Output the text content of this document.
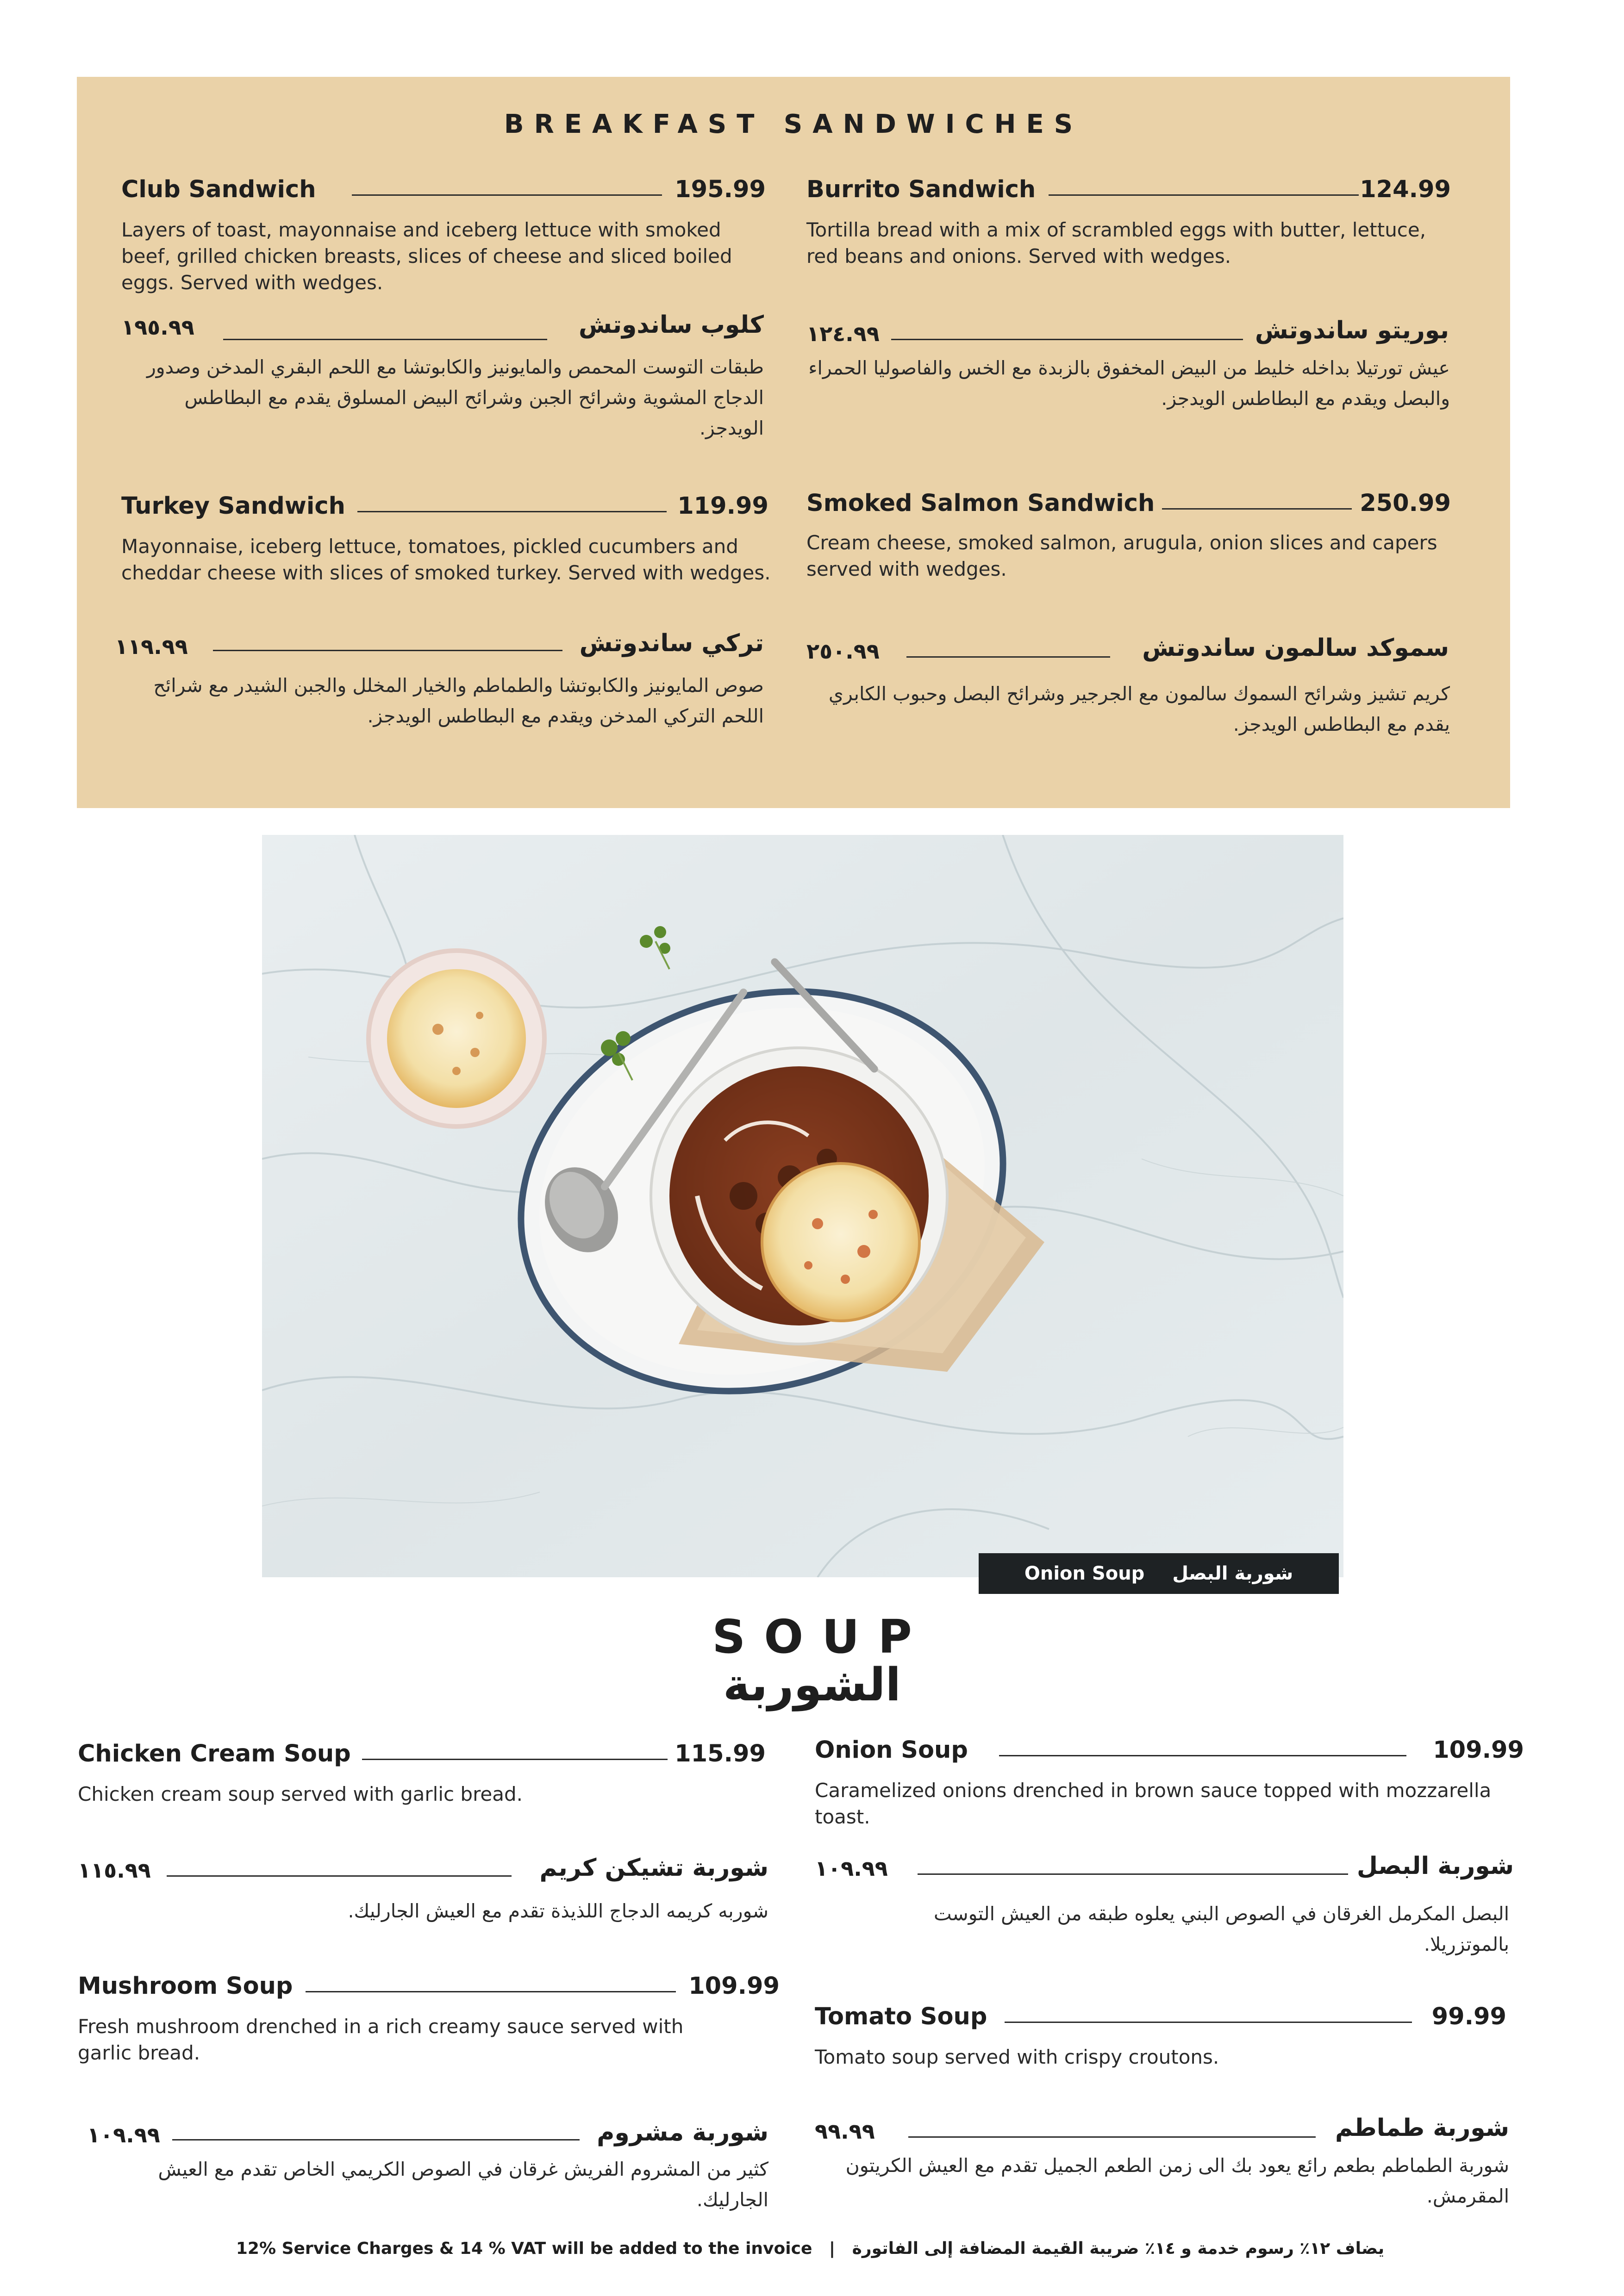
BREAKFAST SANDWICHES
Club Sandwich	195.99
Layers of toast, mayonnaise and iceberg lettuce with smoked beef, grilled chicken breasts, slices of cheese and sliced boiled eggs. Served with wedges.
كلوب ساندوتش
١٩٥.٩٩
طبقات التوست المحمص والمايونيز والكابوتشا مع اللحم البقري المدخن وصدور الدجاج المشوية وشرائح الجبن وشرائح البيض المسلوق يقدم مع البطاطس الويدجز.
Burrito Sandwich	124.99
Tortilla bread with a mix of scrambled eggs with butter, lettuce, red beans and onions. Served with wedges.
بوريتو ساندوتش
١٢٤.٩٩
عيش تورتيلا بداخله خليط من البيض المخفوق بالزبدة مع الخس والفاصوليا الحمراء والبصل ويقدم مع البطاطس الويدجز.
Turkey Sandwich	119.99
Mayonnaise, iceberg lettuce, tomatoes, pickled cucumbers and cheddar cheese with slices of smoked turkey. Served with wedges.
تركي ساندوتش
١١٩.٩٩
صوص المايونيز والكابوتشا والطماطم والخيار المخلل والجبن الشيدر مع شرائح اللحم التركي المدخن ويقدم مع البطاطس الويدجز.
Smoked Salmon Sandwich	250.99
Cream cheese, smoked salmon, arugula, onion slices and capers served with wedges.
سموكد سالمون ساندوتش
٢٥٠.٩٩
كريم تشيز وشرائح السموك سالمون مع الجرجير وشرائح البصل وحبوب الكابري يقدم مع البطاطس الويدجز.
Onion Soup شوربة البصل
SOUP
الشوربة
Chicken Cream Soup	115.99
Chicken cream soup served with garlic bread.
شوربة تشيكن كريم
١١٥.٩٩
شوربه كريمه الدجاج اللذيذة تقدم مع العيش الجارليك.
Onion Soup	109.99
Caramelized onions drenched in brown sauce topped with mozzarella toast.
شوربة البصل
١٠٩.٩٩
البصل المكرمل الغرقان في الصوص البني يعلوه طبقه من العيش التوست بالموتزريلا.
Mushroom Soup	109.99
Fresh mushroom drenched in a rich creamy sauce served with garlic bread.
شوربة مشروم
١٠٩.٩٩
كثير من المشروم الفريش غرقان في الصوص الكريمي الخاص تقدم مع العيش الجارليك.
Tomato Soup	99.99
Tomato soup served with crispy croutons.
شوربة طماطم
٩٩.٩٩
شوربة الطماطم بطعم رائع يعود بك الى زمن الطعم الجميل تقدم مع العيش الكريتون المقرمش.
12% Service Charges & 14 % VAT will be added to the invoice | يضاف ١٢٪ رسوم خدمة و ١٤٪ ضريبة القيمة المضافة إلى الفاتورة
